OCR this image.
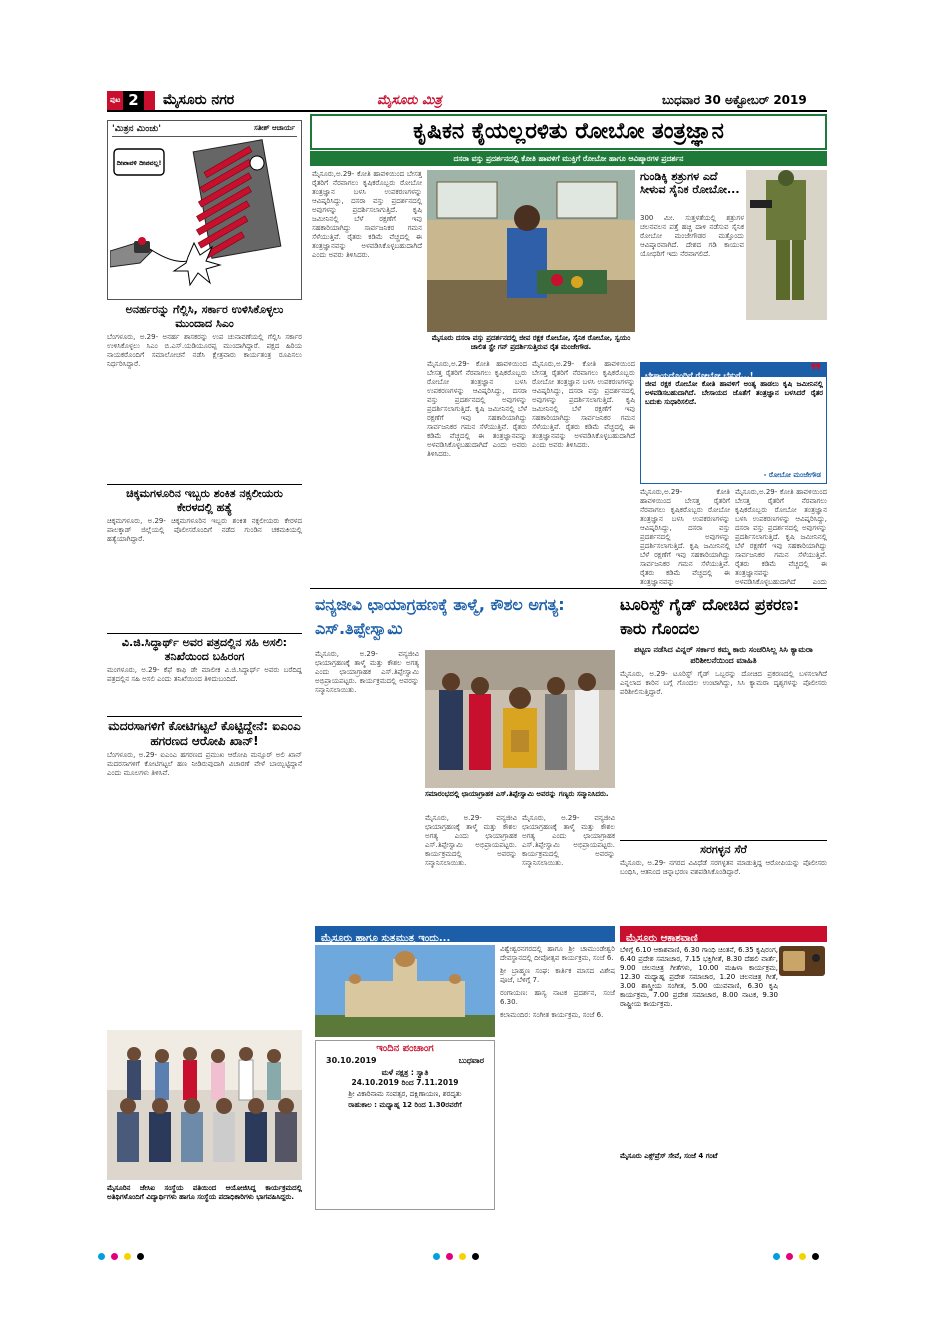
ಪುಟ 2	ಮೈಸೂರು ನಗರ	ಮೈಸೂರು ಮಿತ್ರ	ಬುಧವಾರ 30 ಅಕ್ಟೋಬರ್ 2019
'ಮಿತ್ರನ ಮಿಂಚು'	ಸತೀಶ್ ಆಚಾರ್ಯ
ದೀಪಾವಳಿ ದೀಪವಲ್ಲ!
ಅನರ್ಹರನ್ನು ಗೆಲ್ಲಿಸಿ, ಸರ್ಕಾರ ಉಳಿಸಿಕೊಳ್ಳಲು ಮುಂದಾದ ಸಿಎಂ
ಬೆಂಗಳೂರು, ಅ.29- ಅನರ್ಹ ಶಾಸಕರನ್ನು ಉಪ ಚುನಾವಣೆಯಲ್ಲಿ ಗೆಲ್ಲಿಸಿ ಸರ್ಕಾರ ಉಳಿಸಿಕೊಳ್ಳಲು ಸಿಎಂ ಬಿ.ಎಸ್.ಯಡಿಯೂರಪ್ಪ ಮುಂದಾಗಿದ್ದಾರೆ. ಪಕ್ಷದ ಹಿರಿಯ ನಾಯಕರೊಂದಿಗೆ ಸಮಾಲೋಚನೆ ನಡೆಸಿ ಕ್ಷೇತ್ರವಾರು ಕಾರ್ಯತಂತ್ರ ರೂಪಿಸಲು ನಿರ್ಧರಿಸಿದ್ದಾರೆ.
ಚಿಕ್ಕಮಗಳೂರಿನ ಇಬ್ಬರು ಶಂಕಿತ ನಕ್ಸಲೀಯರು ಕೇರಳದಲ್ಲಿ ಹತ್ಯೆ
ಚಿಕ್ಕಮಗಳೂರು, ಅ.29- ಚಿಕ್ಕಮಗಳೂರಿನ ಇಬ್ಬರು ಶಂಕಿತ ನಕ್ಸಲೀಯರು ಕೇರಳದ ಪಾಲಕ್ಕಾಡ್ ಜಿಲ್ಲೆಯಲ್ಲಿ ಪೊಲೀಸರೊಂದಿಗೆ ನಡೆದ ಗುಂಡಿನ ಚಕಮಕಿಯಲ್ಲಿ ಹತ್ಯೆಯಾಗಿದ್ದಾರೆ.
ವಿ.ಜಿ.ಸಿದ್ಧಾರ್ಥ್ ಅವರ ಪತ್ರದಲ್ಲಿನ ಸಹಿ ಅಸಲಿ: ತನಿಖೆಯಿಂದ ಬಹಿರಂಗ
ಮಂಗಳೂರು, ಅ.29- ಕೆಫೆ ಕಾಫಿ ಡೇ ಮಾಲೀಕ ವಿ.ಜಿ.ಸಿದ್ಧಾರ್ಥ್ ಅವರು ಬರೆದಿದ್ದ ಪತ್ರದಲ್ಲಿನ ಸಹಿ ಅಸಲಿ ಎಂದು ತನಿಖೆಯಿಂದ ತಿಳಿದುಬಂದಿದೆ.
ಮದರಸಾಗಳಿಗೆ ಕೋಟಿಗಟ್ಟಲೆ ಕೊಟ್ಟಿದ್ದೇನೆ: ಐಎಂಎ ಹಗರಣದ ಆರೋಪಿ ಖಾನ್!
ಬೆಂಗಳೂರು, ಅ.29- ಐಎಂಎ ಹಗರಣದ ಪ್ರಮುಖ ಆರೋಪಿ ಮನ್ಸೂರ್ ಅಲಿ ಖಾನ್ ಮದರಸಾಗಳಿಗೆ ಕೋಟಿಗಟ್ಟಲೆ ಹಣ ನೀಡಿರುವುದಾಗಿ ವಿಚಾರಣೆ ವೇಳೆ ಬಾಯ್ಬಿಟ್ಟಿದ್ದಾನೆ ಎಂದು ಮೂಲಗಳು ತಿಳಿಸಿವೆ.
ಮೈಸೂರಿನ ಜೇಸಿಐ ಸಂಸ್ಥೆಯ ವತಿಯಿಂದ ಆಯೋಜಿಸಿದ್ದ ಕಾರ್ಯಕ್ರಮದಲ್ಲಿ ಅತಿಥಿಗಳೊಂದಿಗೆ ವಿದ್ಯಾರ್ಥಿಗಳು ಹಾಗೂ ಸಂಸ್ಥೆಯ ಪದಾಧಿಕಾರಿಗಳು ಭಾಗವಹಿಸಿದ್ದರು.
ಕೃಷಿಕನ ಕೈಯಲ್ಲರಳಿತು ರೋಬೋ ತಂತ್ರಜ್ಞಾನ
ದಸರಾ ವಸ್ತು ಪ್ರದರ್ಶನದಲ್ಲಿ ಕೋತಿ ಹಾವಳಿಗೆ ಮುಕ್ತಿಗೆ ರೋಬೋ ಹಾಗೂ ಆವಿಷ್ಕಾರಗಳ ಪ್ರದರ್ಶನ
ಮೈಸೂರು,ಅ.29- ಕೋತಿ ಹಾವಳಿಯಿಂದ ಬೇಸತ್ತ ರೈತರಿಗೆ ನೆರವಾಗಲು ಕೃಷಿಕರೊಬ್ಬರು ರೋಬೋ ತಂತ್ರಜ್ಞಾನ ಬಳಸಿ ಉಪಕರಣಗಳನ್ನು ಆವಿಷ್ಕರಿಸಿದ್ದು, ದಸರಾ ವಸ್ತು ಪ್ರದರ್ಶನದಲ್ಲಿ ಅವುಗಳನ್ನು ಪ್ರದರ್ಶಿಸಲಾಗುತ್ತಿದೆ. ಕೃಷಿ ಜಮೀನಿನಲ್ಲಿ ಬೆಳೆ ರಕ್ಷಣೆಗೆ ಇವು ಸಹಕಾರಿಯಾಗಿದ್ದು ಸಾರ್ವಜನಿಕರ ಗಮನ ಸೆಳೆಯುತ್ತಿವೆ. ರೈತರು ಕಡಿಮೆ ವೆಚ್ಚದಲ್ಲಿ ಈ ತಂತ್ರಜ್ಞಾನವನ್ನು ಅಳವಡಿಸಿಕೊಳ್ಳಬಹುದಾಗಿದೆ ಎಂದು ಅವರು ತಿಳಿಸಿದರು.
ಮೈಸೂರು ದಸರಾ ವಸ್ತು ಪ್ರದರ್ಶನದಲ್ಲಿ ಜೀವ ರಕ್ಷಕ ರೋಬೋ, ಸೈನಿಕ ರೋಬೋ, ಸ್ವಯಂ ಚಾಲಿತ ಸ್ಪ್ರೇ ಗನ್ ಪ್ರದರ್ಶಿಸುತ್ತಿರುವ ರೈತ ಮಂಜೇಗೌಡ.
ಮೈಸೂರು,ಅ.29- ಕೋತಿ ಹಾವಳಿಯಿಂದ ಬೇಸತ್ತ ರೈತರಿಗೆ ನೆರವಾಗಲು ಕೃಷಿಕರೊಬ್ಬರು ರೋಬೋ ತಂತ್ರಜ್ಞಾನ ಬಳಸಿ ಉಪಕರಣಗಳನ್ನು ಆವಿಷ್ಕರಿಸಿದ್ದು, ದಸರಾ ವಸ್ತು ಪ್ರದರ್ಶನದಲ್ಲಿ ಅವುಗಳನ್ನು ಪ್ರದರ್ಶಿಸಲಾಗುತ್ತಿದೆ. ಕೃಷಿ ಜಮೀನಿನಲ್ಲಿ ಬೆಳೆ ರಕ್ಷಣೆಗೆ ಇವು ಸಹಕಾರಿಯಾಗಿದ್ದು ಸಾರ್ವಜನಿಕರ ಗಮನ ಸೆಳೆಯುತ್ತಿವೆ. ರೈತರು ಕಡಿಮೆ ವೆಚ್ಚದಲ್ಲಿ ಈ ತಂತ್ರಜ್ಞಾನವನ್ನು ಅಳವಡಿಸಿಕೊಳ್ಳಬಹುದಾಗಿದೆ ಎಂದು ಅವರು ತಿಳಿಸಿದರು.
ಮೈಸೂರು,ಅ.29- ಕೋತಿ ಹಾವಳಿಯಿಂದ ಬೇಸತ್ತ ರೈತರಿಗೆ ನೆರವಾಗಲು ಕೃಷಿಕರೊಬ್ಬರು ರೋಬೋ ತಂತ್ರಜ್ಞಾನ ಬಳಸಿ ಉಪಕರಣಗಳನ್ನು ಆವಿಷ್ಕರಿಸಿದ್ದು, ದಸರಾ ವಸ್ತು ಪ್ರದರ್ಶನದಲ್ಲಿ ಅವುಗಳನ್ನು ಪ್ರದರ್ಶಿಸಲಾಗುತ್ತಿದೆ. ಕೃಷಿ ಜಮೀನಿನಲ್ಲಿ ಬೆಳೆ ರಕ್ಷಣೆಗೆ ಇವು ಸಹಕಾರಿಯಾಗಿದ್ದು ಸಾರ್ವಜನಿಕರ ಗಮನ ಸೆಳೆಯುತ್ತಿವೆ. ರೈತರು ಕಡಿಮೆ ವೆಚ್ಚದಲ್ಲಿ ಈ ತಂತ್ರಜ್ಞಾನವನ್ನು ಅಳವಡಿಸಿಕೊಳ್ಳಬಹುದಾಗಿದೆ ಎಂದು ಅವರು ತಿಳಿಸಿದರು.
ಗುಂಡಿಕ್ಕಿ ಶತ್ರುಗಳ ಎದೆ ಸೀಳುವ ಸೈನಿಕ ರೋಬೋ...
300 ಮೀ. ಸುತ್ತಳತೆಯಲ್ಲಿ ಶತ್ರುಗಳ ಚಲನವಲನ ಪತ್ತೆ ಹಚ್ಚಿ ದಾಳಿ ನಡೆಸುವ ಸೈನಿಕ ರೋಬೋ ಮಂಜೇಗೌಡರ ಮತ್ತೊಂದು ಆವಿಷ್ಕಾರವಾಗಿದೆ. ದೇಶದ ಗಡಿ ಕಾಯುವ ಯೋಧರಿಗೆ ಇದು ನೆರವಾಗಲಿದೆ.
ಬೇಸಾಯದೊಂದಿಗೆ ರೋಬೋ ಬೆಸುಗೆ...!	❞
ಜೀವ ರಕ್ಷಕ ರೋಬೋ ಕೋತಿ ಹಾವಳಿಗೆ ಅಂತ್ಯ ಹಾಡಲು ಕೃಷಿ ಜಮೀನಿನಲ್ಲಿ ಅಳವಡಿಸಬಹುದಾಗಿದೆ. ಬೇಸಾಯದ ಜೊತೆಗೆ ತಂತ್ರಜ್ಞಾನ ಬಳಸಿದರೆ ರೈತರ ಬದುಕು ಸುಧಾರಿಸಲಿದೆ.
- ರೋಬೋ ಮಂಜೇಗೌಡ
ಮೈಸೂರು,ಅ.29- ಕೋತಿ ಹಾವಳಿಯಿಂದ ಬೇಸತ್ತ ರೈತರಿಗೆ ನೆರವಾಗಲು ಕೃಷಿಕರೊಬ್ಬರು ರೋಬೋ ತಂತ್ರಜ್ಞಾನ ಬಳಸಿ ಉಪಕರಣಗಳನ್ನು ಆವಿಷ್ಕರಿಸಿದ್ದು, ದಸರಾ ವಸ್ತು ಪ್ರದರ್ಶನದಲ್ಲಿ ಅವುಗಳನ್ನು ಪ್ರದರ್ಶಿಸಲಾಗುತ್ತಿದೆ. ಕೃಷಿ ಜಮೀನಿನಲ್ಲಿ ಬೆಳೆ ರಕ್ಷಣೆಗೆ ಇವು ಸಹಕಾರಿಯಾಗಿದ್ದು ಸಾರ್ವಜನಿಕರ ಗಮನ ಸೆಳೆಯುತ್ತಿವೆ. ರೈತರು ಕಡಿಮೆ ವೆಚ್ಚದಲ್ಲಿ ಈ ತಂತ್ರಜ್ಞಾನವನ್ನು
ಮೈಸೂರು,ಅ.29- ಕೋತಿ ಹಾವಳಿಯಿಂದ ಬೇಸತ್ತ ರೈತರಿಗೆ ನೆರವಾಗಲು ಕೃಷಿಕರೊಬ್ಬರು ರೋಬೋ ತಂತ್ರಜ್ಞಾನ ಬಳಸಿ ಉಪಕರಣಗಳನ್ನು ಆವಿಷ್ಕರಿಸಿದ್ದು, ದಸರಾ ವಸ್ತು ಪ್ರದರ್ಶನದಲ್ಲಿ ಅವುಗಳನ್ನು ಪ್ರದರ್ಶಿಸಲಾಗುತ್ತಿದೆ. ಕೃಷಿ ಜಮೀನಿನಲ್ಲಿ ಬೆಳೆ ರಕ್ಷಣೆಗೆ ಇವು ಸಹಕಾರಿಯಾಗಿದ್ದು ಸಾರ್ವಜನಿಕರ ಗಮನ ಸೆಳೆಯುತ್ತಿವೆ. ರೈತರು ಕಡಿಮೆ ವೆಚ್ಚದಲ್ಲಿ ಈ ತಂತ್ರಜ್ಞಾನವನ್ನು ಅಳವಡಿಸಿಕೊಳ್ಳಬಹುದಾಗಿದೆ ಎಂದು
ವನ್ಯಜೀವಿ ಛಾಯಾಗ್ರಹಣಕ್ಕೆ ತಾಳ್ಮೆ, ಕೌಶಲ ಅಗತ್ಯ: ಎಸ್.ತಿಪ್ಪೇಸ್ವಾಮಿ
ಮೈಸೂರು, ಅ.29- ವನ್ಯಜೀವಿ ಛಾಯಾಗ್ರಹಣಕ್ಕೆ ತಾಳ್ಮೆ ಮತ್ತು ಕೌಶಲ ಅಗತ್ಯ ಎಂದು ಛಾಯಾಗ್ರಾಹಕ ಎಸ್.ತಿಪ್ಪೇಸ್ವಾಮಿ ಅಭಿಪ್ರಾಯಪಟ್ಟರು. ಕಾರ್ಯಕ್ರಮದಲ್ಲಿ ಅವರನ್ನು ಸನ್ಮಾನಿಸಲಾಯಿತು.
ಸಮಾರಂಭದಲ್ಲಿ ಛಾಯಾಗ್ರಾಹಕ ಎಸ್.ತಿಪ್ಪೇಸ್ವಾಮಿ ಅವರನ್ನು ಗಣ್ಯರು ಸನ್ಮಾನಿಸಿದರು.
ಮೈಸೂರು, ಅ.29- ವನ್ಯಜೀವಿ ಛಾಯಾಗ್ರಹಣಕ್ಕೆ ತಾಳ್ಮೆ ಮತ್ತು ಕೌಶಲ ಅಗತ್ಯ ಎಂದು ಛಾಯಾಗ್ರಾಹಕ ಎಸ್.ತಿಪ್ಪೇಸ್ವಾಮಿ ಅಭಿಪ್ರಾಯಪಟ್ಟರು. ಕಾರ್ಯಕ್ರಮದಲ್ಲಿ ಅವರನ್ನು ಸನ್ಮಾನಿಸಲಾಯಿತು.
ಮೈಸೂರು, ಅ.29- ವನ್ಯಜೀವಿ ಛಾಯಾಗ್ರಹಣಕ್ಕೆ ತಾಳ್ಮೆ ಮತ್ತು ಕೌಶಲ ಅಗತ್ಯ ಎಂದು ಛಾಯಾಗ್ರಾಹಕ ಎಸ್.ತಿಪ್ಪೇಸ್ವಾಮಿ ಅಭಿಪ್ರಾಯಪಟ್ಟರು. ಕಾರ್ಯಕ್ರಮದಲ್ಲಿ ಅವರನ್ನು ಸನ್ಮಾನಿಸಲಾಯಿತು.
ಟೂರಿಸ್ಟ್ ಗೈಡ್ ದೋಚಿದ ಪ್ರಕರಣ: ಕಾರು ಗೊಂದಲ
ಪಟ್ಟಣ ನಡೆಸಿದ ವಿನ್ನರ್ ಸರ್ಕಾರ ಕಮ್ಮ ಕಾರು ಸಂಚರಿಸಿಲ್ಲ ಸಿಸಿ ಕ್ಯಾಮರಾ ಪರಿಶೀಲನೆಯಿಂದ ಮಾಹಿತಿ
ಮೈಸೂರು, ಅ.29- ಟೂರಿಸ್ಟ್ ಗೈಡ್ ಒಬ್ಬರನ್ನು ದೋಚಿದ ಪ್ರಕರಣದಲ್ಲಿ ಬಳಸಲಾಗಿದೆ ಎನ್ನಲಾದ ಕಾರಿನ ಬಗ್ಗೆ ಗೊಂದಲ ಉಂಟಾಗಿದ್ದು, ಸಿಸಿ ಕ್ಯಾಮರಾ ದೃಶ್ಯಗಳನ್ನು ಪೊಲೀಸರು ಪರಿಶೀಲಿಸುತ್ತಿದ್ದಾರೆ.
ಸರಗಳ್ಳನ ಸೆರೆ
ಮೈಸೂರು, ಅ.29- ನಗರದ ವಿವಿಧೆಡೆ ಸರಗಳ್ಳತನ ಮಾಡುತ್ತಿದ್ದ ಆರೋಪಿಯನ್ನು ಪೊಲೀಸರು ಬಂಧಿಸಿ, ಆತನಿಂದ ಚಿನ್ನಾಭರಣ ವಶಪಡಿಸಿಕೊಂಡಿದ್ದಾರೆ.
ಮೈಸೂರು ಹಾಗೂ ಸುತ್ತಮುತ್ತ ಇಂದು...
ಇಂದಿನ ಪಂಚಾಂಗ
30.10.2019	ಬುಧವಾರ
ಮಳೆ ನಕ್ಷತ್ರ : ಸ್ವಾತಿ
24.10.2019 ರಿಂದ 7.11.2019
ಶ್ರೀ ವಿಕಾರಿನಾಮ ಸಂವತ್ಸರ, ದಕ್ಷಿಣಾಯಣ, ಶರದೃತು
ರಾಹುಕಾಲ : ಮಧ್ಯಾಹ್ನ 12 ರಿಂದ 1.30ರವರೆಗೆ
ವಿಶ್ವೇಶ್ವರನಗರದಲ್ಲಿ ಹಾಗೂ ಶ್ರೀ ಚಾಮುಂಡೇಶ್ವರಿ ದೇವಸ್ಥಾನದಲ್ಲಿ ದೀಪೋತ್ಸವ ಕಾರ್ಯಕ್ರಮ, ಸಂಜೆ 6.
ಶ್ರೀ ಬ್ರಾಹ್ಮಣ ಸಂಘ: ಕಾರ್ತಿಕ ಮಾಸದ ವಿಶೇಷ ಪೂಜೆ, ಬೆಳಿಗ್ಗೆ 7.
ರಂಗಾಯಣ: ಹಾಸ್ಯ ನಾಟಕ ಪ್ರದರ್ಶನ, ಸಂಜೆ 6.30.
ಕಲಾಮಂದಿರ: ಸಂಗೀತ ಕಾರ್ಯಕ್ರಮ, ಸಂಜೆ 6.
ಮೈಸೂರು ಆಕಾಶವಾಣಿ
ಬೆಳಿಗ್ಗೆ 6.10 ಆಕಾಶವಾಣಿ, 6.30 ಗಾಂಧಿ ಚಿಂತನೆ, 6.35 ಕೃಷಿರಂಗ, 6.40 ಪ್ರದೇಶ ಸಮಾಚಾರ, 7.15 ಭಕ್ತಿಗೀತೆ, 8.30 ದೆಹಲಿ ವಾರ್ತೆ, 9.00 ಚಲನಚಿತ್ರ ಗೀತೆಗಳು, 10.00 ಮಹಿಳಾ ಕಾರ್ಯಕ್ರಮ, 12.30 ಮಧ್ಯಾಹ್ನ ಪ್ರದೇಶ ಸಮಾಚಾರ, 1.20 ಚಲನಚಿತ್ರ ಗೀತೆ, 3.00 ಶಾಸ್ತ್ರೀಯ ಸಂಗೀತ, 5.00 ಯುವವಾಣಿ, 6.30 ಕೃಷಿ ಕಾರ್ಯಕ್ರಮ, 7.00 ಪ್ರದೇಶ ಸಮಾಚಾರ, 8.00 ನಾಟಕ, 9.30 ರಾಷ್ಟ್ರೀಯ ಕಾರ್ಯಕ್ರಮ.
ಮೈಸೂರು ಎಕ್ಸ್‌ಪ್ರೆಸ್ ಸೇವೆ, ಸಂಜೆ 4 ಗಂಟೆ
